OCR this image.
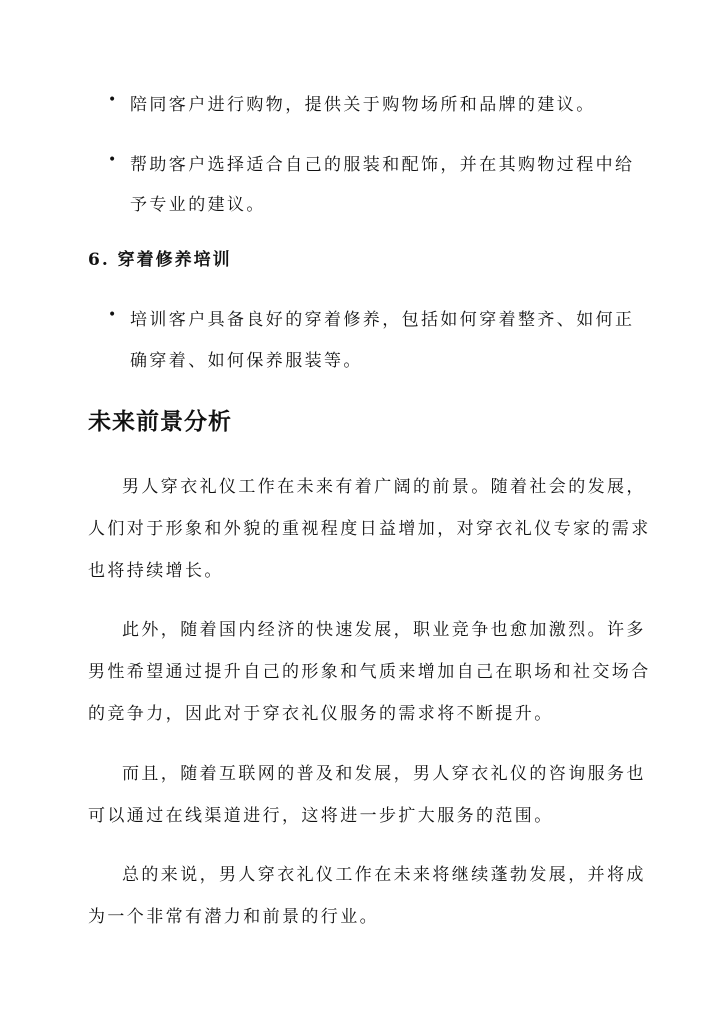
• 陪同客户进行购物，提供关于购物场所和品牌的建议。
• 帮助客户选择适合自己的服装和配饰，并在其购物过程中给
予专业的建议。
6. 穿着修养培训
• 培训客户具备良好的穿着修养，包括如何穿着整齐、如何正
确穿着、如何保养服装等。
未来前景分析
男人穿衣礼仪工作在未来有着广阔的前景。随着社会的发展，
人们对于形象和外貌的重视程度日益增加，对穿衣礼仪专家的需求
也将持续增长。
此外，随着国内经济的快速发展，职业竞争也愈加激烈。许多
男性希望通过提升自己的形象和气质来增加自己在职场和社交场合
的竞争力，因此对于穿衣礼仪服务的需求将不断提升。
而且，随着互联网的普及和发展，男人穿衣礼仪的咨询服务也
可以通过在线渠道进行，这将进一步扩大服务的范围。
总的来说，男人穿衣礼仪工作在未来将继续蓬勃发展，并将成
为一个非常有潜力和前景的行业。
